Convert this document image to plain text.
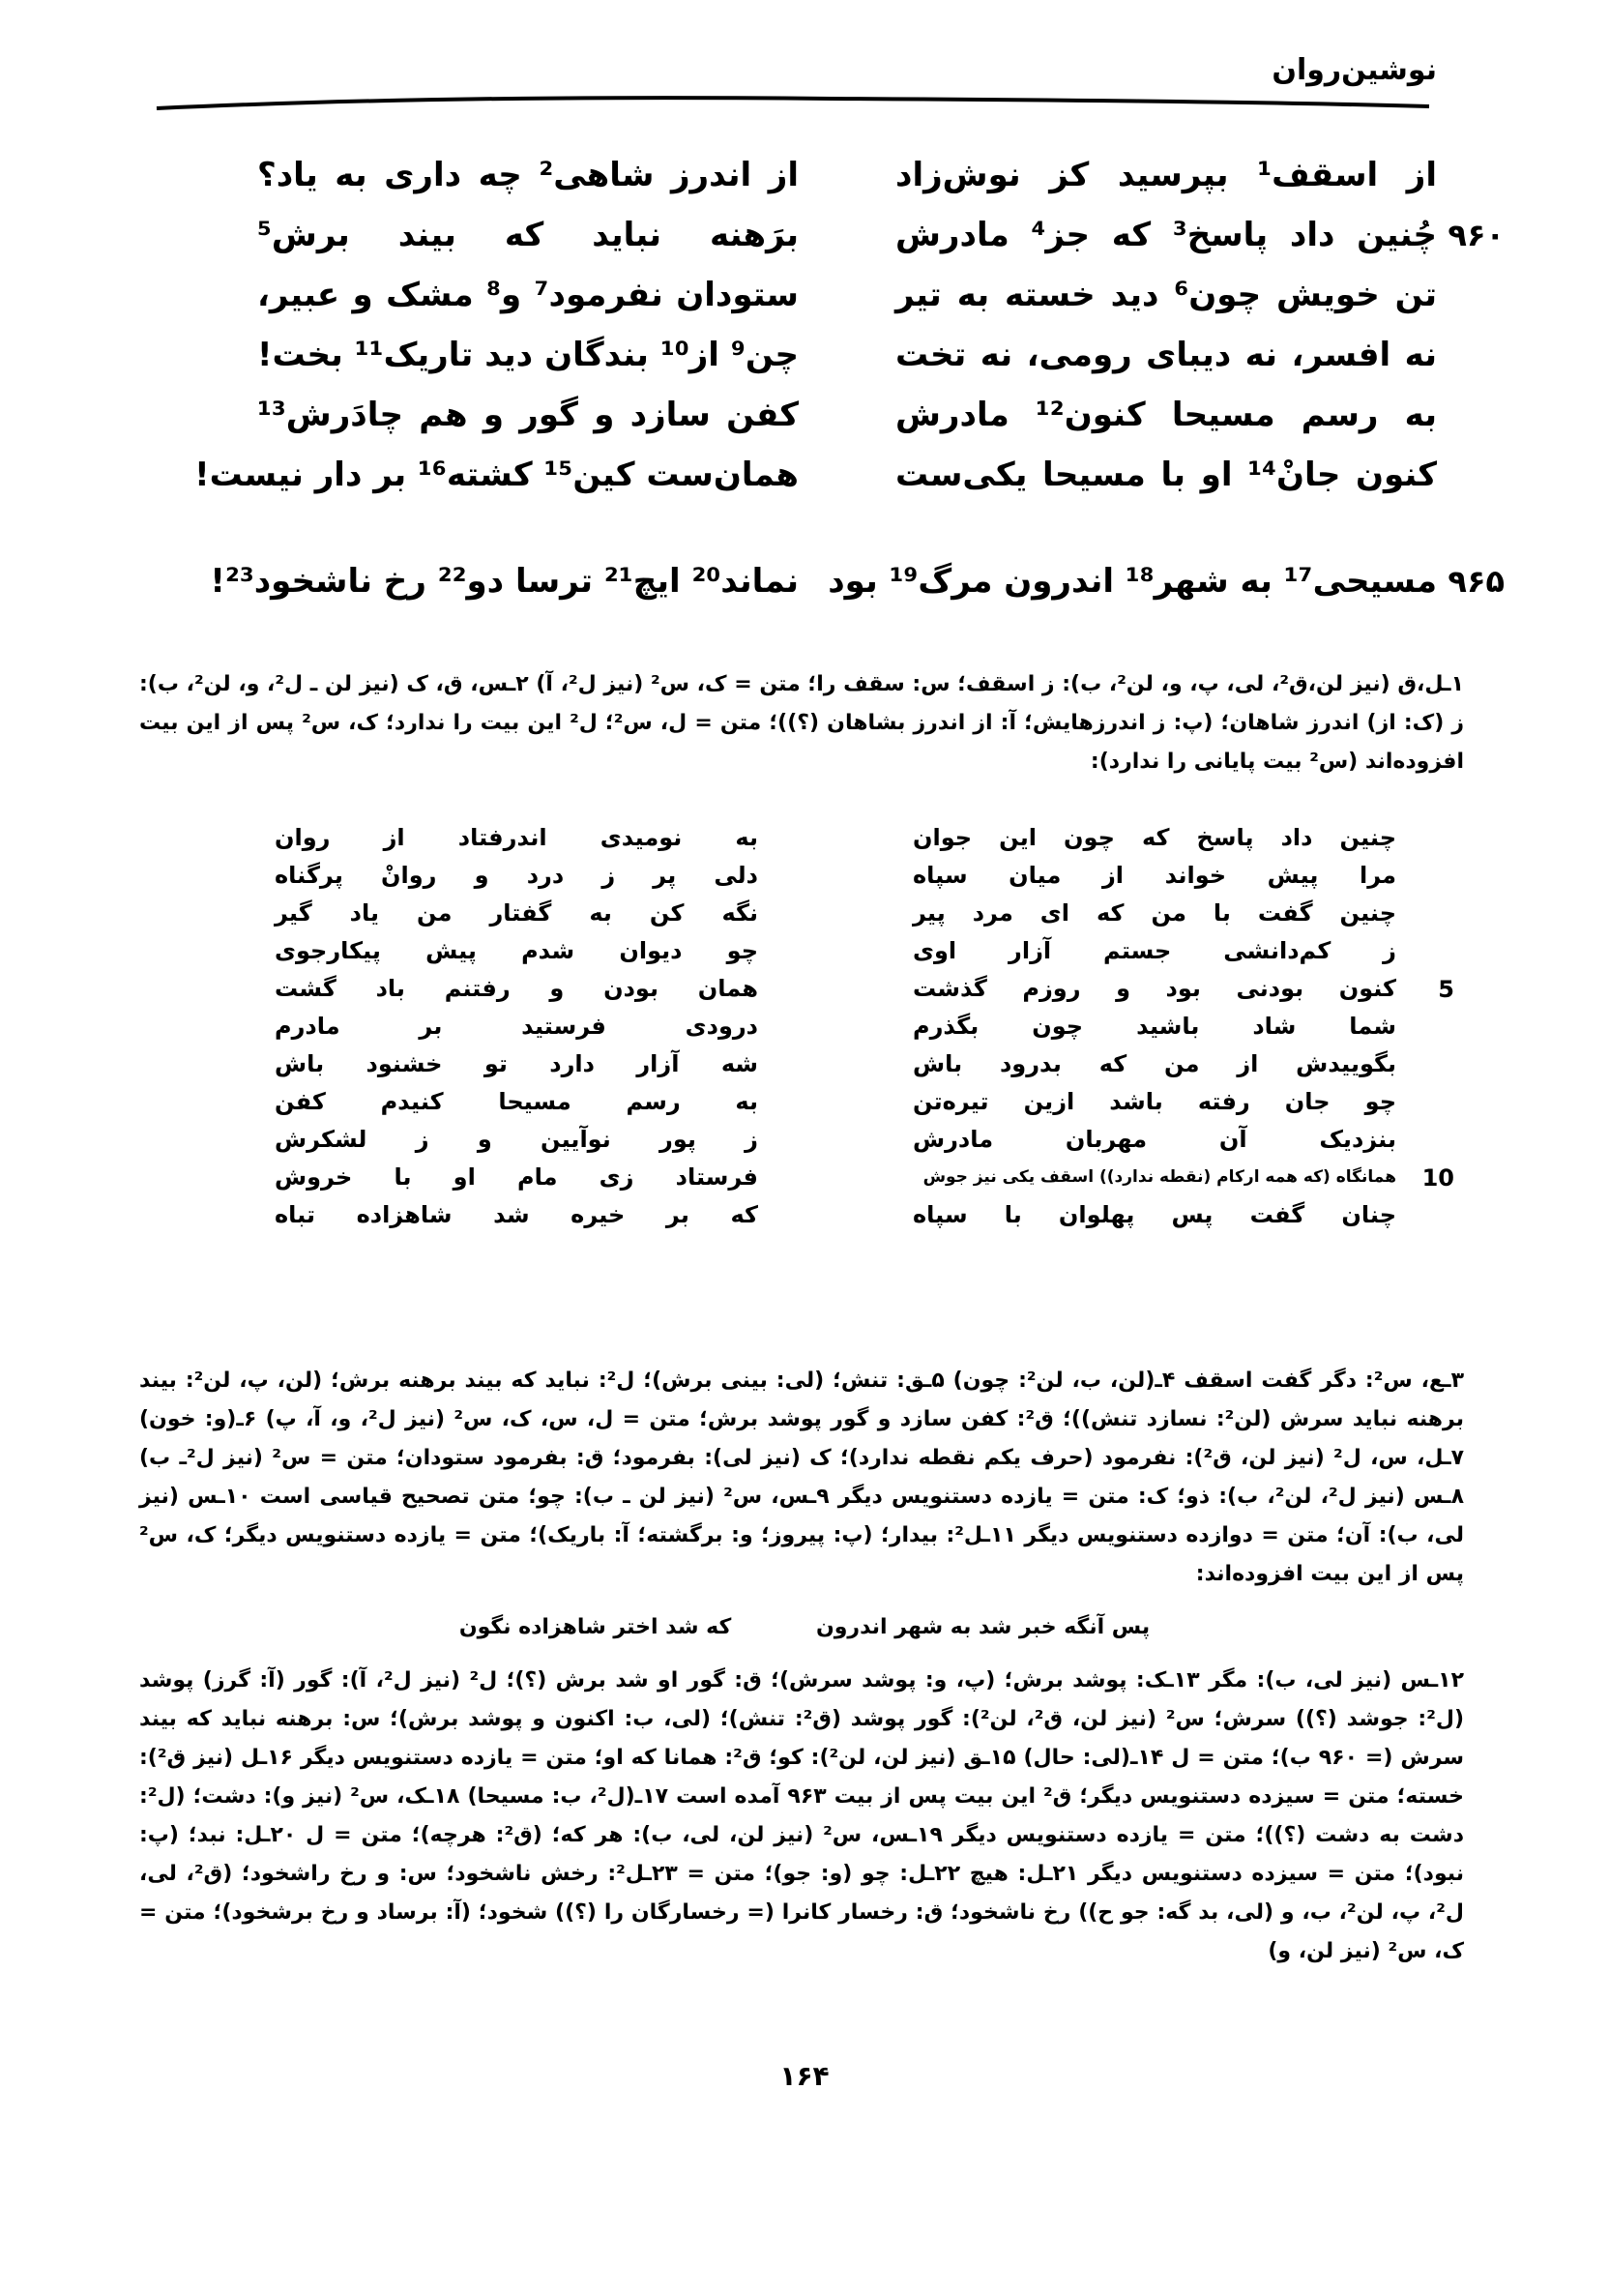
نوشین‌روان
از اسقف¹ بپرسید کز نوش‌زاد
از اندرز شاهی² چه داری به یاد؟
۹۶۰
چُنین داد پاسخ³ که جز⁴ مادرش
برَهنه نباید که بیند برش⁵
تن خویش چون⁶ دید خسته به تیر
ستودان نفرمود⁷ و⁸ مشک و عبیر،
نه افسر، نه دیبای رومی، نه تخت
چن⁹ از¹⁰ بندگان دید تاریک¹¹ بخت!
به رسم مسیحا کنون¹² مادرش
کفن سازد و گور و هم چادَرش¹³
کنون جانْ¹⁴ او با مسیحا یکی‌ست
همان‌ست کین¹⁵ کشته¹⁶ بر دار نیست!
۹۶۵
مسیحی¹⁷ به شهر¹⁸ اندرون مرگ¹⁹ بود
نماند²⁰ ایچ²¹ ترسا دو²² رخ ناشخود²³!
۱ـل،ق (نیز لن،ق²، لی، پ، و، لن²، ب): ز اسقف؛ س: سقف را؛ متن = ک، س² (نیز ل²، آ) ۲ـس، ق، ک (نیز لن ـ ل²، و، لن²، ب): ز (ک: از) اندرز شاهان؛ (پ: ز اندرزهایش؛ آ: از اندرز بشاهان (؟))؛ متن = ل، س²؛ ل² این بیت را ندارد؛ ک، س² پس از این بیت افزوده‌اند (س² بیت پایانی را ندارد):
چنین داد پاسخ که چون این جوان
به نومیدی اندرفتاد از روان
مرا پیش خواند از میان سپاه
دلی پر ز درد و روانْ پرگناه
چنین گفت با من که ای مرد پیر
نگه کن به گفتار من یاد گیر
ز کم‌دانشی جستم آزار اوی
چو دیوان شدم پیش پیکارجوی
5
کنون بودنی بود و روزم گذشت
همان بودن و رفتنم باد گشت
شما شاد باشید چون بگذرم
درودی فرستید بر مادرم
بگوییدش از من که بدرود باش
شه آزار دارد تو خشنود باش
چو جان رفته باشد ازین تیره‌تن
به رسم مسیحا کنیدم کفن
بنزدیک آن مهربان مادرش
ز پور نوآیین و ز لشکرش
10
همانگاه (که همه ارکام (نقطه ندارد)) اسقف یکی نیز جوش
فرستاد زی مام او با خروش
چنان گفت پس پهلوان با سپاه
که بر خیره شد شاهزاده تباه
۳ـع، س²: دگر گفت اسقف ۴ـ(لن، ب، لن²: چون) ۵ـق: تنش؛ (لی: بینی برش)؛ ل²: نباید که بیند برهنه برش؛ (لن، پ، لن²: بیند برهنه نباید سرش (لن²: نسازد تنش))؛ ق²: کفن سازد و گور پوشد برش؛ متن = ل، س، ک، س² (نیز ل²، و، آ، پ) ۶ـ(و: خون) ۷ـل، س، ل² (نیز لن، ق²): نفرمود (حرف یکم نقطه ندارد)؛ ک (نیز لی): بفرمود؛ ق: بفرمود ستودان؛ متن = س² (نیز ل²ـ ب) ۸ـس (نیز ل²، لن²، ب): ذو؛ ک: متن = یازده دستنویس دیگر ۹ـس، س² (نیز لن ـ ب): چو؛ متن تصحیح قیاسی است ۱۰ـس (نیز لی، ب): آن؛ متن = دوازده دستنویس دیگر ۱۱ـل²: بیدار؛ (پ: پیروز؛ و: برگشته؛ آ: باریک)؛ متن = یازده دستنویس دیگر؛ ک، س² پس از این بیت افزوده‌اند:
پس آنگه خبر شد به شهر اندرون که شد اختر شاهزاده نگون
۱۲ـس (نیز لی، ب): مگر ۱۳ـک: پوشد برش؛ (پ، و: پوشد سرش)؛ ق: گور او شد برش (؟)؛ ل² (نیز ل²، آ): گور (آ: گرز) پوشد (ل²: جوشد (؟)) سرش؛ س² (نیز لن، ق²، لن²): گور پوشد (ق²: تنش)؛ (لی، ب: اکنون و پوشد برش)؛ س: برهنه نباید که بیند سرش (= ۹۶۰ ب)؛ متن = ل ۱۴ـ(لی: حال) ۱۵ـق (نیز لن، لن²): کو؛ ق²: همانا که او؛ متن = یازده دستنویس دیگر ۱۶ـل (نیز ق²): خسته؛ متن = سیزده دستنویس دیگر؛ ق² این بیت پس از بیت ۹۶۳ آمده است ۱۷ـ(ل²، ب: مسیحا) ۱۸ـک، س² (نیز و): دشت؛ (ل²: دشت به دشت (؟))؛ متن = یازده دستنویس دیگر ۱۹ـس، س² (نیز لن، لی، ب): هر که؛ (ق²: هرچه)؛ متن = ل ۲۰ـل: نبد؛ (پ: نبود)؛ متن = سیزده دستنویس دیگر ۲۱ـل: هیچ ۲۲ـل: چو (و: جو)؛ متن = ۲۳ـل²: رخش ناشخود؛ س: و رخ راشخود؛ (ق²، لی، ل²، پ، لن²، ب، و (لی، بد گه: جو ح)) رخ ناشخود؛ ق: رخسار کانرا (= رخسارگان را (؟)) شخود؛ (آ: برساد و رخ برشخود)؛ متن = ک، س² (نیز لن، و)
۱۶۴
